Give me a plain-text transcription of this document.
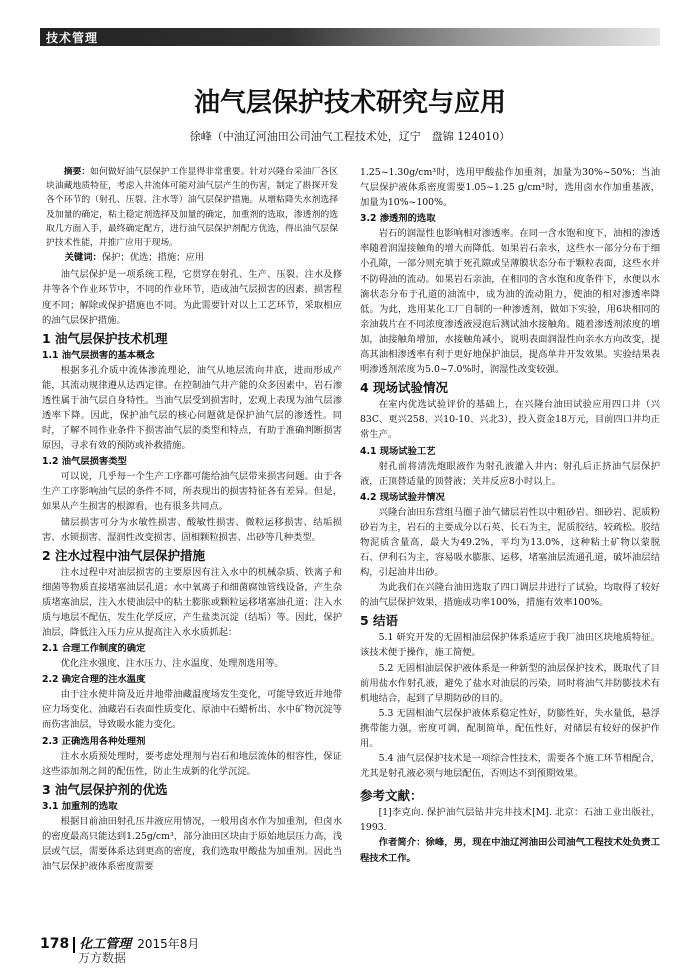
技术管理
油气层保护技术研究与应用
徐峰（中油辽河油田公司油气工程技术处，辽宁　盘锦 124010）

摘要：如何做好油气层保护工作显得非常重要。针对兴隆台采油厂各区块油藏地质特征，考虑入井流体可能对油气层产生的伤害，制定了斟探开发各个环节的（射孔、压裂、注水等）油气层保护措施。从增粘降失水剂选择及加量的确定，粘土稳定剂选择及加量的确定，加重剂的选取，渗透剂的选取几方面入手，最终确定配方，进行油气层保护剂配方优选，得出油气层保护技术性能，并推广应用于现场。

关键词：保护；优选；措施；应用

油气层保护是一项系统工程，它贯穿在射孔、生产、压裂、注水及修井等各个作业环节中，不同的作业环节，造成油气层损害的因素、损害程度不同；解除或保护措施也不同。为此需要针对以上工艺环节，采取相应的油气层保护措施。

1 油气层保护技术机理
1.1 油气层损害的基本概念

根据多孔介质中流体渗流理论，油气从地层流向井底，进而形成产能，其流动规律遵从达西定律。在控制油气井产能的众多因素中，岩石渗透性属于油气层自身特性。当油气层受到损害时，宏观上表现为油气层渗透率下降。因此，保护油气层的核心问题就是保护油气层的渗透性。同时，了解不同作业条件下损害油气层的类型和特点，有助于准确判断损害原因，寻求有效的预防或补救措施。

1.2 油气层损害类型

可以说，几乎每一个生产工序都可能给油气层带来损害问题。由于各生产工序影响油气层的条件不同，所表现出的损害特征各有差异。但是，如果从产生损害的根源看，也有很多共同点。

储层损害可分为水敏性损害、酸敏性损害、微粒运移损害、结垢损害、水锁损害、湿润性改变损害、固相颗粒损害、出砂等几种类型。

2 注水过程中油气层保护措施

注水过程中对油层损害的主要原因有注入水中的机械杂质、铁离子和细菌等物质直接堵塞油层孔道；水中氧离子和细菌腐蚀管线设备，产生杂质堵塞油层，注入水使油层中的粘土膨胀或颗粒运移堵塞油孔道；注入水质与地层不配伍，发生化学反应，产生盐类沉淀（结垢）等。因此，保护油层，降低注入压力应从提高注入水水质抓起：

2.1 合理工作制度的确定

优化注水强度、注水压力、注水温度、处理剂选用等。

2.2 确定合理的注水温度

由于注水使井筒及近井地带油藏温度场发生变化，可能导致近井地带应力场变化、油藏岩石表面性质变化、原油中石蜡析出、水中矿物沉淀等而伤害油层，导致吸水能力变化。

2.3 正确选用各种处理剂

注水水质预处理时，要考虑处理剂与岩石和地层流体的相容性，保证这些添加剂之间的配伍性，防止生成新的化学沉淀。

3 油气层保护剂的优选
3.1 加重剂的选取

根据目前油田射孔压井液应用情况，一般用卤水作为加重剂，但卤水的密度最高只能达到1.25g/cm³，部分油田区块由于原始地层压力高，浅层或气层，需要体系达到更高的密度，我们选取甲酸盐为加重剂。因此当油气层保护液体系密度需要

1.25~1.30g/cm³时，选用甲酸盐作加重剂，加量为30%~50%；当油气层保护液体系密度需要1.05~1.25 g/cm³时，选用卤水作加重基液，加量为10%~100%。

3.2 渗透剂的选取

岩石的润湿性也影响相对渗透率。在同一含水饱和度下，油相的渗透率随着润湿接触角的增大而降低。如果岩石亲水，这些水一部分分布于细小孔隙，一部分则充填于死孔隙或呈薄膜状态分布于颗粒表面，这些水并不防碍油的流动。如果岩石亲油，在相同的含水饱和度条件下，水便以水滴状态分布于孔道的油流中，成为油的流动阻力，使油的相对渗透率降低。为此，选用某化工厂自制的一种渗透剂，做如下实验，用6块相同的亲油载片在不同浓度渗透液浸泡后测试油水接触角。随着渗透剂浓度的增加，油接触角增加，水接触角减小，说明表面润湿性向亲水方向改变，提高其油相渗透率有利于更好地保护油层，提高单井开发效果。实验结果表明渗透剂浓度为5.0~7.0%时，润湿性改变较强。

4 现场试验情况

在室内优选试验评价的基础上，在兴隆台油田试验应用四口井（兴83C、更兴258、兴10-10、兴北3），投入资金18万元，目前四口井均正常生产。

4.1 现场试验工艺

射孔前将清洗炮眼液作为射孔液灌入井内；射孔后正挤油气层保护液，正顶替适量的顶替液；关井反应8小时以上。

4.2 现场试验井情况

兴隆台油田东营组马圈子油气储层岩性以中粗砂岩、细砂岩、泥质粉砂岩为主，岩石的主要成分以石英、长石为主，泥质胶结，较疏松。胶结物泥质含量高，最大为49.2%，平均为13.0%，这种粘土矿物以蒙脱石、伊利石为主，容易吸水膨胀、运移，堵塞油层流通孔道，破坏油层结构，引起油井出砂。

为此我们在兴隆台油田选取了四口调层井进行了试验，均取得了较好的油气层保护效果，措施成功率100%，措施有效率100%。

5 结语

5.1 研究开发的无固相油层保护体系适应于我厂油田区块地质特征。该技术便于操作，施工简便。

5.2 无固相油层保护液体系是一种新型的油层保护技术，既取代了目前用盐水作射孔液，避免了盐水对油层的污染，同时将油气井防膨技术有机地结合，起到了早期防砂的目的。

5.3 无固相油气层保护液体系稳定性好，防膨性好，失水量低，悬浮携带能力强，密度可调，配制简单，配伍性好，对储层有较好的保护作用。

5.4 油气层保护技术是一项综合性技术，需要各个施工环节相配合，尤其是射孔液必须与地层配伍，否则达不到预期效果。

参考文献：

[1]李克向. 保护油气层钻井完井技术[M]. 北京：石油工业出版社，1993.

作者简介：徐峰，男，现在中油辽河油田公司油气工程技术处负责工程技术工作。

178 化工管理 2015年8月
万方数据
